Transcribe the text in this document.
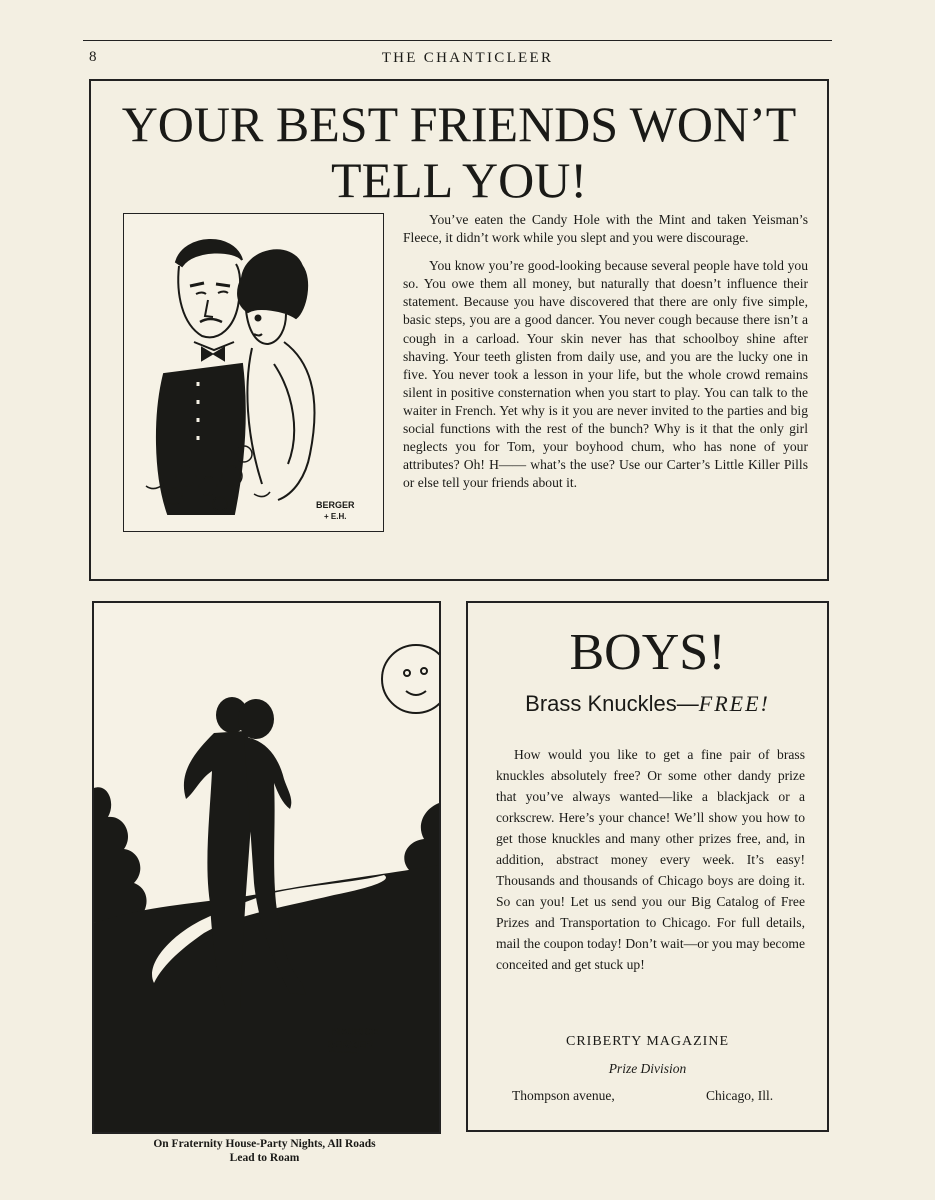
8	THE CHANTICLEER
YOUR BEST FRIENDS WON’T
TELL YOU!
BERGER
+ E.H.

You’ve eaten the Candy Hole with the Mint and taken Yeisman’s Fleece, it didn’t work while you slept and you were discourage.

You know you’re good-looking because several people have told you so. You owe them all money, but naturally that doesn’t influence their statement. Because you have discovered that there are only five simple, basic steps, you are a good dancer. You never cough because there isn’t a cough in a carload. Your skin never has that schoolboy shine after shaving. Your teeth glisten from daily use, and you are the lucky one in five. You never took a lesson in your life, but the whole crowd remains silent in positive consternation when you start to play. You can talk to the waiter in French. Yet why is it you are never invited to the parties and big social functions with the rest of the bunch? Why is it that the only girl neglects you for Tom, your boyhood chum, who has none of your attributes? Oh! H—— what’s the use? Use our Carter’s Little Killer Pills or else tell your friends about it.

MAURICE
BERGER
On Fraternity House-Party Nights, All Roads
Lead to Roam
BOYS!
Brass Knuckles—FREE!
How would you like to get a fine pair of brass knuckles absolutely free? Or some other dandy prize that you’ve always wanted—like a blackjack or a corkscrew. Here’s your chance! We’ll show you how to get those knuckles and many other prizes free, and, in addition, abstract money every week. It’s easy! Thousands and thousands of Chicago boys are doing it. So can you! Let us send you our Big Catalog of Free Prizes and Transportation to Chicago. For full details, mail the coupon today! Don’t wait—or you may become conceited and get stuck up!
CRIBERTY MAGAZINE
Prize Division
Thompson avenue,	Chicago, Ill.
